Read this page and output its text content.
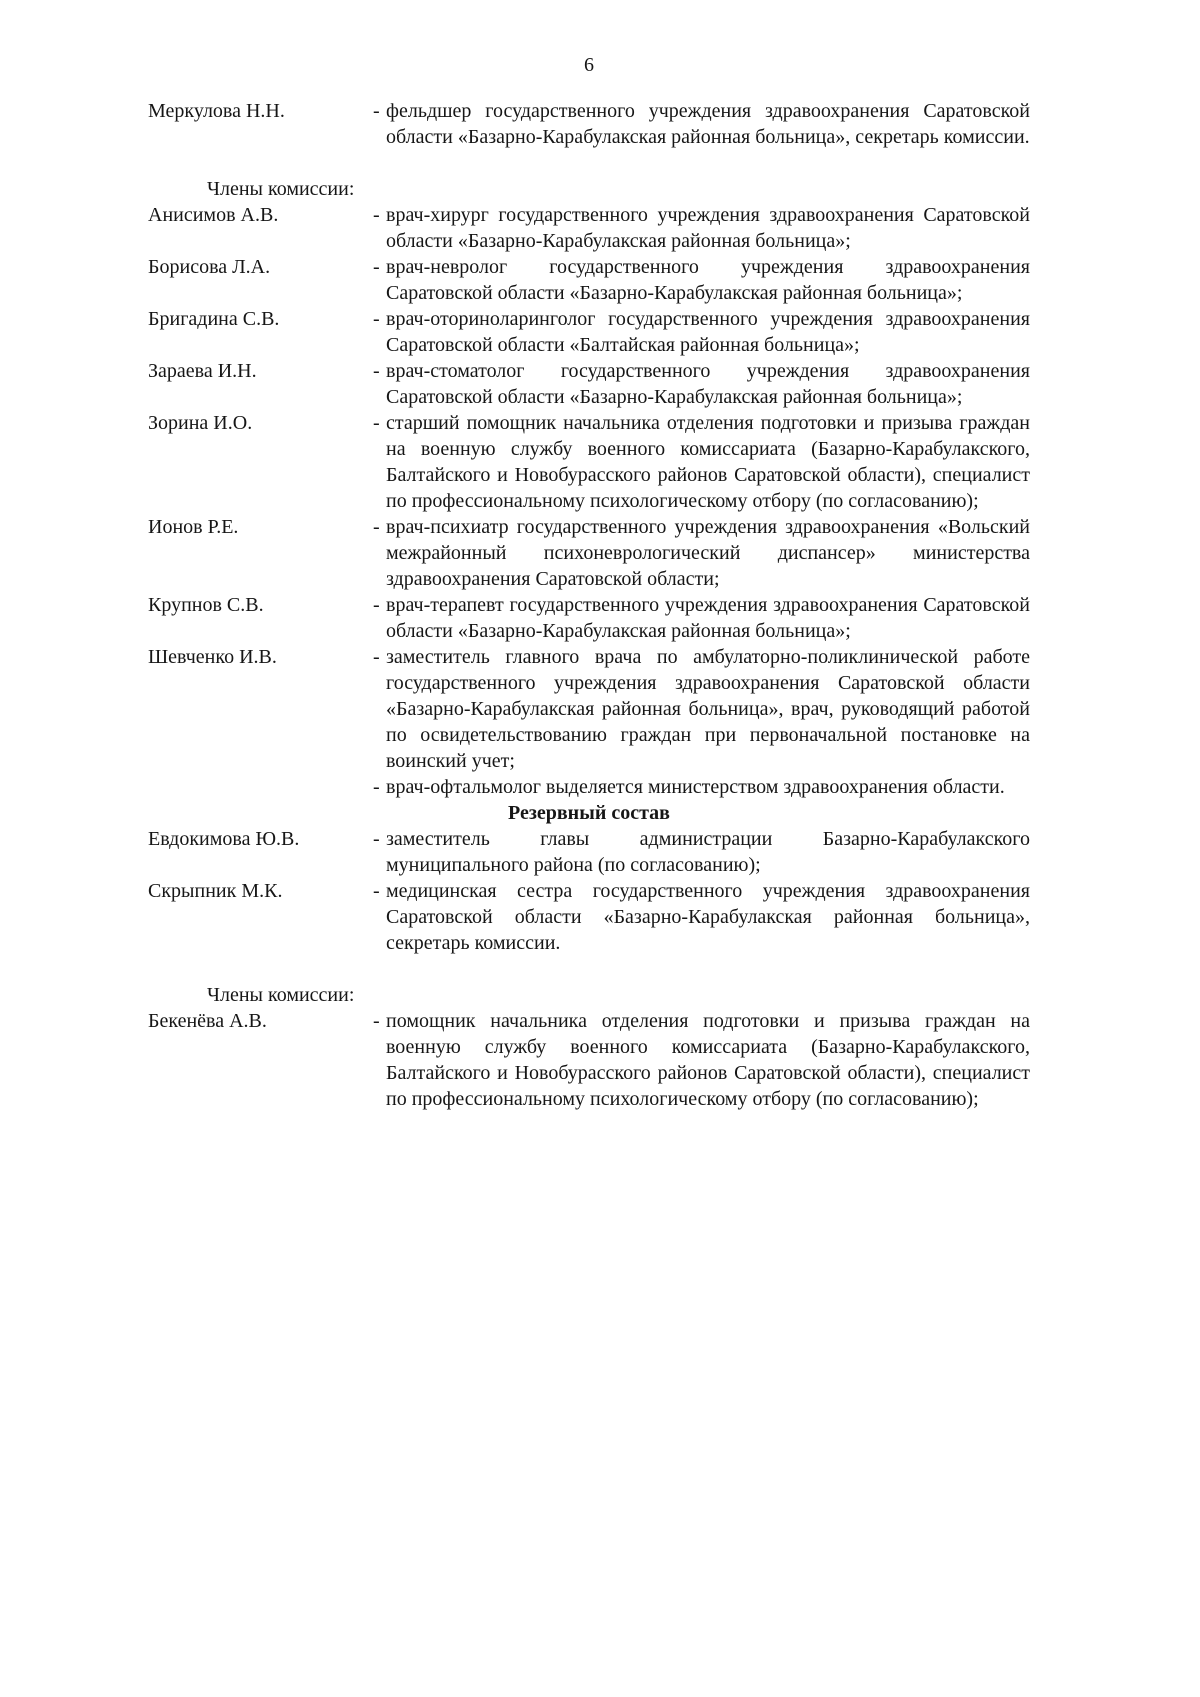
6
Меркулова Н.Н.	- фельдшер государственного учреждения здравоохранения Саратовской области «Базарно-Карабулакская районная больница», секретарь комиссии.

Члены комиссии:
Анисимов А.В.	- врач-хирург государственного учреждения здравоохранения Саратовской области «Базарно-Карабулакская районная больница»;

Борисова Л.А.	- врач-невролог государственного учреждения здравоохранения Саратовской области «Базарно-Карабулакская районная больница»;

Бригадина С.В.	- врач-оториноларинголог государственного учреждения здравоохранения Саратовской области «Балтайская районная больница»;

Зараева И.Н.	- врач-стоматолог государственного учреждения здравоохранения Саратовской области «Базарно-Карабулакская районная больница»;

Зорина И.О.	- старший помощник начальника отделения подготовки и призыва граждан на военную службу военного комиссариата (Базарно-Карабулакского, Балтайского и Новобурасского районов Саратовской области), специалист по профессиональному психологическому отбору (по согласованию);

Ионов Р.Е.	- врач-психиатр государственного учреждения здравоохранения «Вольский межрайонный психоневрологический диспансер» министерства здравоохранения Саратовской области;

Крупнов С.В.	- врач-терапевт государственного учреждения здравоохранения Саратовской области «Базарно-Карабулакская районная больница»;

Шевченко И.В.	- заместитель главного врача по амбулаторно-поликлинической работе государственного учреждения здравоохранения Саратовской области «Базарно-Карабулакская районная больница», врач, руководящий работой по освидетельствованию граждан при первоначальной постановке на воинский учет;

- врач-офтальмолог выделяется министерством здравоохранения области.

Резервный состав
Евдокимова Ю.В.	- заместитель главы администрации Базарно-Карабулакского муниципального района (по согласованию);

Скрыпник М.К.	- медицинская сестра государственного учреждения здравоохранения Саратовской области «Базарно-Карабулакская районная больница», секретарь комиссии.

Члены комиссии:
Бекенёва А.В.	- помощник начальника отделения подготовки и призыва граждан на военную службу военного комиссариата (Базарно-Карабулакского, Балтайского и Новобурасского районов Саратовской области), специалист по профессиональному психологическому отбору (по согласованию);
